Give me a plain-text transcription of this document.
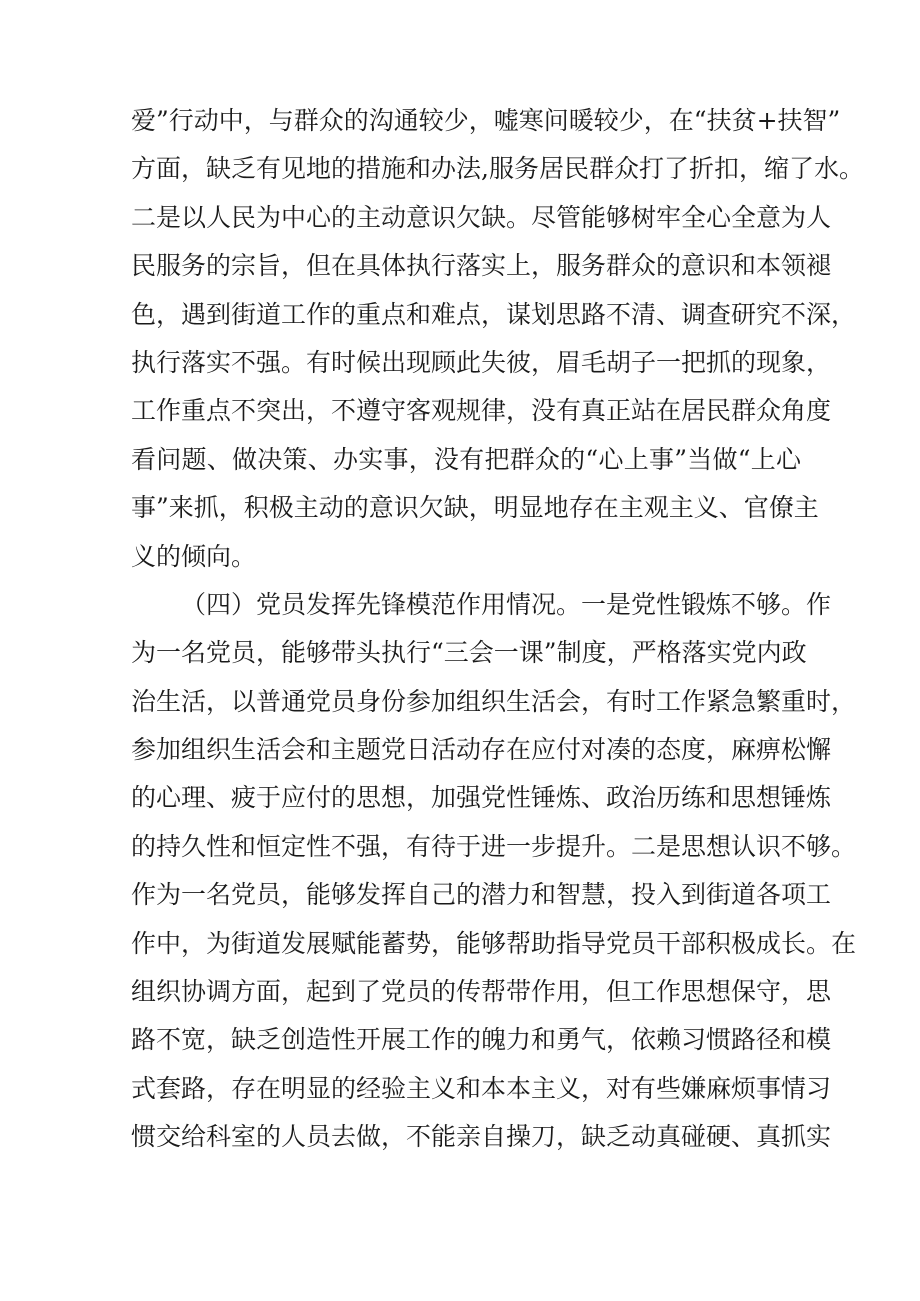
爱”行动中，与群众的沟通较少，嘘寒问暖较少，在“扶贫+扶智”
方面，缺乏有见地的措施和办法,服务居民群众打了折扣，缩了水。
二是以人民为中心的主动意识欠缺。尽管能够树牢全心全意为人
民服务的宗旨，但在具体执行落实上，服务群众的意识和本领褪
色，遇到街道工作的重点和难点，谋划思路不清、调查研究不深，
执行落实不强。有时候出现顾此失彼，眉毛胡子一把抓的现象，
工作重点不突出，不遵守客观规律，没有真正站在居民群众角度
看问题、做决策、办实事，没有把群众的“心上事”当做“上心
事”来抓，积极主动的意识欠缺，明显地存在主观主义、官僚主
义的倾向。
（四）党员发挥先锋模范作用情况。一是党性锻炼不够。作
为一名党员，能够带头执行“三会一课”制度，严格落实党内政
治生活，以普通党员身份参加组织生活会，有时工作紧急繁重时，
参加组织生活会和主题党日活动存在应付对凑的态度，麻痹松懈
的心理、疲于应付的思想，加强党性锤炼、政治历练和思想锤炼
的持久性和恒定性不强，有待于进一步提升。二是思想认识不够。
作为一名党员，能够发挥自己的潜力和智慧，投入到街道各项工
作中，为街道发展赋能蓄势，能够帮助指导党员干部积极成长。在
组织协调方面，起到了党员的传帮带作用，但工作思想保守，思
路不宽，缺乏创造性开展工作的魄力和勇气，依赖习惯路径和模
式套路，存在明显的经验主义和本本主义，对有些嫌麻烦事情习
惯交给科室的人员去做，不能亲自操刀，缺乏动真碰硬、真抓实
